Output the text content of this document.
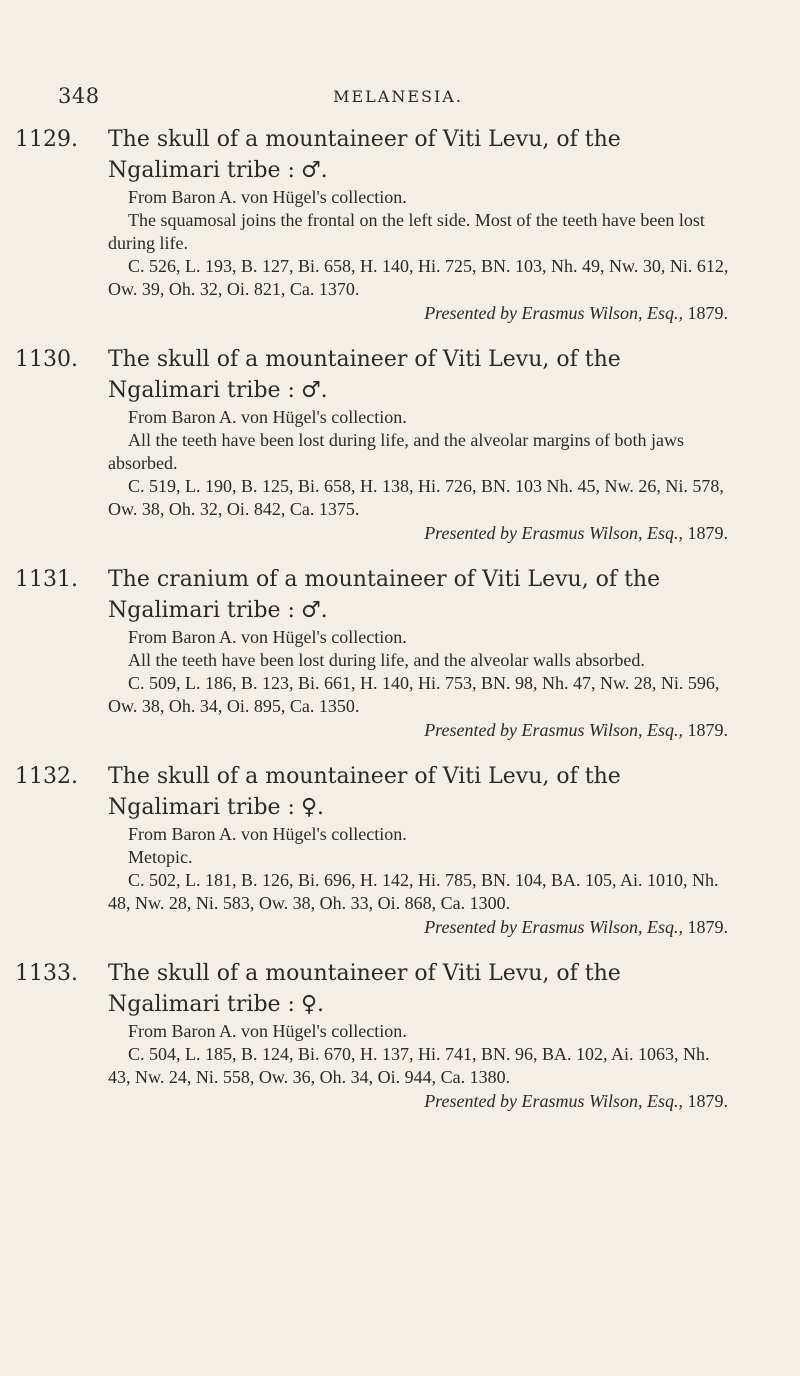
348	MELANESIA.
1129. The skull of a mountaineer of Viti Levu, of the Ngalimari tribe : ♂.
From Baron A. von Hügel's collection.
The squamosal joins the frontal on the left side. Most of the teeth have been lost during life.
C. 526, L. 193, B. 127, Bi. 658, H. 140, Hi. 725, BN. 103, Nh. 49, Nw. 30, Ni. 612, Ow. 39, Oh. 32, Oi. 821, Ca. 1370.
Presented by Erasmus Wilson, Esq., 1879.
1130. The skull of a mountaineer of Viti Levu, of the Ngalimari tribe : ♂.
From Baron A. von Hügel's collection.
All the teeth have been lost during life, and the alveolar margins of both jaws absorbed.
C. 519, L. 190, B. 125, Bi. 658, H. 138, Hi. 726, BN. 103 Nh. 45, Nw. 26, Ni. 578, Ow. 38, Oh. 32, Oi. 842, Ca. 1375.
Presented by Erasmus Wilson, Esq., 1879.
1131. The cranium of a mountaineer of Viti Levu, of the Ngalimari tribe : ♂.
From Baron A. von Hügel's collection.
All the teeth have been lost during life, and the alveolar walls absorbed.
C. 509, L. 186, B. 123, Bi. 661, H. 140, Hi. 753, BN. 98, Nh. 47, Nw. 28, Ni. 596, Ow. 38, Oh. 34, Oi. 895, Ca. 1350.
Presented by Erasmus Wilson, Esq., 1879.
1132. The skull of a mountaineer of Viti Levu, of the Ngalimari tribe : ♀.
From Baron A. von Hügel's collection.
Metopic.
C. 502, L. 181, B. 126, Bi. 696, H. 142, Hi. 785, BN. 104, BA. 105, Ai. 1010, Nh. 48, Nw. 28, Ni. 583, Ow. 38, Oh. 33, Oi. 868, Ca. 1300.
Presented by Erasmus Wilson, Esq., 1879.
1133. The skull of a mountaineer of Viti Levu, of the Ngalimari tribe : ♀.
From Baron A. von Hügel's collection.
C. 504, L. 185, B. 124, Bi. 670, H. 137, Hi. 741, BN. 96, BA. 102, Ai. 1063, Nh. 43, Nw. 24, Ni. 558, Ow. 36, Oh. 34, Oi. 944, Ca. 1380.
Presented by Erasmus Wilson, Esq., 1879.
